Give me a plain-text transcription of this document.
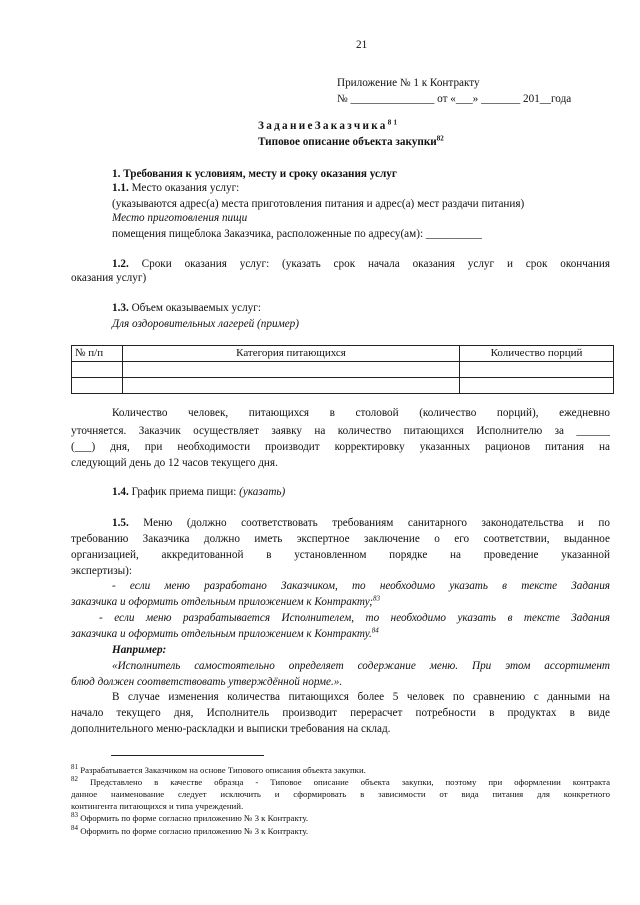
21
Приложение № 1 к Контракту
№ _______________ от «___» _______ 201__года
ЗаданиеЗаказчика$^{81}$
Типовое описание объекта закупки$^{82}$
1. Требования к условиям, месту и сроку оказания услуг
1.1. Место оказания услуг:
(указываются адрес(а) места приготовления питания и адрес(а) мест раздачи питания)
Место приготовления пищи
помещения пищеблока Заказчика, расположенные по адресу(ам): __________
1.2. Сроки оказания услуг: (указать срок начала оказания услуг и срок окончания
оказания услуг)
1.3. Объем оказываемых услуг:
Для оздоровительных лагерей (пример)
№ п/п	Категория питающихся	Количество порций

Количество человек, питающихся в столовой (количество порций), ежедневно
уточняется. Заказчик осуществляет заявку на количество питающихся Исполнителю за ______
(___) дня, при необходимости производит корректировку указанных рационов питания на
следующий день до 12 часов текущего дня.
1.4. График приема пищи: (указать)
1.5. Меню (должно соответствовать требованиям санитарного законодательства и по
требованию Заказчика должно иметь экспертное заключение о его соответствии, выданное
организацией, аккредитованной в установленном порядке на проведение указанной
экспертизы):
- если меню разработано Заказчиком, то необходимо указать в тексте Задания
заказчика и оформить отдельным приложением к Контракту;$^{83}$
- если меню разрабатывается Исполнителем, то необходимо указать в тексте Задания
заказчика и оформить отдельным приложением к Контракту.$^{84}$
Например:
«Исполнитель самостоятельно определяет содержание меню. При этом ассортимент
блюд должен соответствовать утверждённой норме.».
В случае изменения количества питающихся более 5 человек по сравнению с данными на
начало текущего дня, Исполнитель производит перерасчет потребности в продуктах в виде
дополнительного меню-раскладки и выписки требования на склад.
$^{81}$ Разрабатывается Заказчиком на основе Типового описания объекта закупки.
$^{82}$ Представлено в качестве образца - Типовое описание объекта закупки, поэтому при оформлении контракта
данное наименование следует исключить и сформировать в зависимости от вида питания для конкретного
контингента питающихся и типа учреждений.
$^{83}$ Оформить по форме согласно приложению № 3 к Контракту.
$^{84}$ Оформить по форме согласно приложению № 3 к Контракту.
